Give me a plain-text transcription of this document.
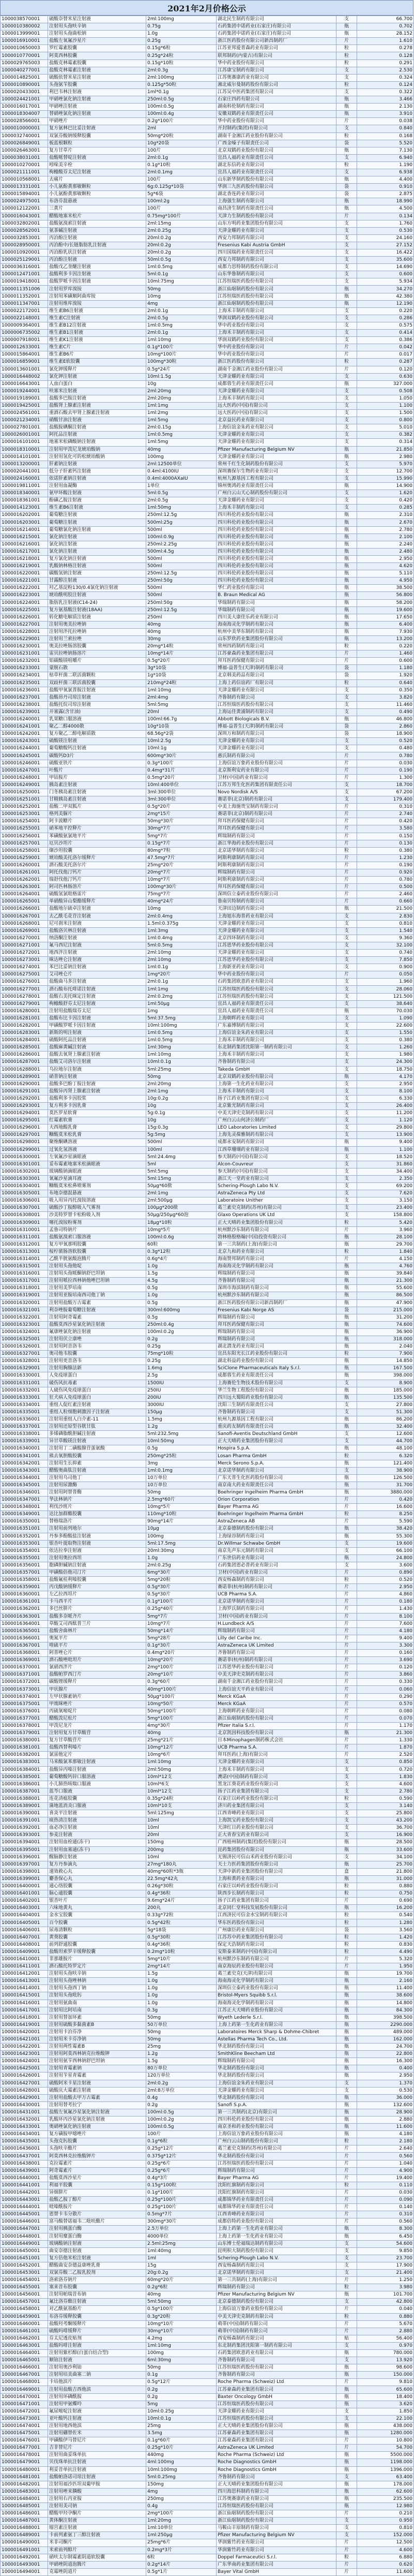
2021年2月价格公示
1000038570001	硫酸奈替米星注射液	2ml:100mg	湖北民生制药有限公司	支	66.700
1000010380002	注射用头孢呋辛钠	0.75g	石药集团中诺药业(石家庄)有限公司	瓶	0.702
1000013999001	注射用头孢曲松钠	1.0g	石药集团中诺药业(石家庄)有限公司	瓶	28.152
1000016910001	盐酸左氧氟沙星片	0.25g	浙江医药股份有限公司新昌制药厂	片	1.610
1000010650003	罗红霉素胶囊	0.15g*6粒	江苏亚邦爱普森药业有限公司	粒	0.278
1000010770001	阿莫西林胶囊	0.25g*24粒	联邦制药(内蒙古)有限公司	粒	0.128
1000029765003	盐酸克林霉素胶囊	0.15g*10粒	华中药业股份有限公司	粒	0.291
1000040277001	盐酸克林霉素注射液	2ml:0.3g	江苏康宝制药有限公司	支	2.530
1000014825001	硫酸依替米星注射液	2ml:100mg	江苏奥赛康药业有限公司	支	0.324
1000010890001	头孢氨苄胶囊	0.125g*50粒	湘北威尔曼制药股份有限公司	粒	0.124
1000020433001	利巴韦林注射液	1ml*0.1g	江苏吴中医药集团有限公司	支	0.322
1000024421001	甲硝唑氯化钠注射液	250ml:0.5g	石家庄四药有限公司	瓶	3.466
1000016017001	甲硝唑注射液	100ml:0.5g	湖南科伦制药有限公司	瓶	2.130
1000018304007	替硝唑氯化钠注射液	100ml:0.4g	安徽双鹤药业有限责任公司	瓶	3.910
1000028566001	甲硝唑片	0.2g*100片	华中药业股份有限公司	片	0.038
1000010000001	复方氨林巴比妥注射液	2ml	开封制药(集团)有限公司	支	0.840
1000032740001	双氯芬酸钠缓释胶囊	50mg*20粒	湖南千金湘江药业股份有限公司	粒	0.168
1000026849001	板蓝根颗粒	10g*20袋	广西金嗓子有限责任公司	袋	5.520
1000026463001	复方甘草片	100片	北京双鹤药业股份有限公司	瓶	7.130
1000038031001	盐酸哌替啶注射液	2ml:0.1g	宜昌人福药业有限责任公司	支	6.940
1000010270001	吲哚美辛栓	0.1g*10粒	湖北东信药业有限公司	粒	1.190
1000021111001	枸橼酸芬太尼注射液	2ml:0.1mg	宜昌人福药业有限责任公司	支	6.938
1000010568001	去痛片	100片	山东新华制药股份有限公司	瓶	4.400
1000013331001	小儿氨酚黄那敏颗粒	6g:0.125g*10袋	华润三九医药股份有限公司	袋	0.910
1000015894001	小儿氨酚黄那敏颗粒	5g*6袋	湖北香连药业有限公司	袋	2.875
1000024975001	布洛芬混悬液	100ml:2g	上海强生制药有限公司	瓶	18.990
1000012122001	三黄片	100片	南昌济生制药有限责任公司	瓶	4.500
1000016043001	醋酸地塞米松片	0.75mg*100片	天津力生制药股份有限公司	片	0.134
1000032802001	盐酸氨溴索注射液	2ml:15mg	山东方明药业集团股份有限公司	支	1.760
1000028562001	氨茶碱注射液	2ml:0.25g	天津金耀药业有限公司	支	0.530
1000032853001	丙泊酚注射液	20ml:0.2g	西安力邦制药有限公司	支	24.160
1000028950001	丙泊酚中/长链脂肪乳注射液	20ml:0.2g	Fresenius Kabi Austria GmbH	支	27.152
1000010920001	丙泊酚乳状注射液	20ml:0.2g	四川国瑞药业有限责任公司	支	16.422
1000025129001	丙泊酚注射液	50ml:0.5g	西安力邦制药有限公司	支	35.600
1000036316001	盐酸戊乙奎醚注射液	1ml:0.5mg	成都力思特制药股份有限公司	支	14.690
1000012471001	盐酸利多卡因注射液	5ml:0.1g	山东华鲁制药有限公司	支	0.600
1000019418001	盐酸罗哌卡因注射液	10ml:75mg	江苏恒瑞医药股份有限公司	支	5.934
1000011351006	注射用罗库溴铵	50mg	浙江仙琚制药股份有限公司	瓶	34.270
1000011352001	注射用苯磺顺阿曲库铵	10mg	江苏恒瑞医药股份有限公司	瓶	42.380
1000011347001	注射用维库溴铵	4mg	浙江仙琚制药股份有限公司	瓶	12.190
1000022172001	维生素B6注射液	2ml:0.1g	上海禾丰制药有限公司	支	0.220
1000022148001	维生素C注射液	2ml:0.5g	华润双鹤药业股份有限公司	支	0.286
1000009364001	维生素B12注射液	1ml:0.5mg	华中药业股份有限公司	支	0.575
1000006735002	维生素B1注射液	2ml:0.1g	上海禾丰制药有限公司	支	0.414
1000007918001	维生素K1注射液	1ml:10mg	华润双鹤药业股份有限公司	支	0.386
1000012633001	维生素C片	0.1g*100片	华中药业股份有限公司	片	0.042
1000015864001	维生素B6片	10mg*100片	华中药业股份有限公司	片	0.017
1000016859001	维生素E软胶囊	100mg*30粒	浙江医药股份有限公司	粒	0.287
1000013601001	氯化钾缓释片	0.5g*24片	湖南千金湘江药业股份有限公司	片	0.120
1000016448002	氯化钾注射液	10ml:1.5g	天津金耀药业有限公司	支	0.630
1000016643001	人血白蛋白	10g	成都蓉生药业有限责任公司	瓶	327.000
1000019244001	呋塞米注射液	2ml:20mg	天津金耀药业有限公司	支	0.508
1000019189001	盐酸多巴胺注射液	2ml:20mg	上海禾丰制药有限公司	支	1.050
1000019425001	盐酸肾上腺素注射液	1ml:1mg	远大医药(中国)有限公司	支	1.100
1000024561001	重酒石酸去甲肾上腺素注射液	1ml:2mg	远大医药(中国)有限公司	支	1.500
1000021234001	硝酸甘油注射液	1ml:5mg	北京益民药业有限公司	支	0.800
1000027801001	盐酸胺碘酮注射液	2ml:0.15g	上海信谊金朱药业有限公司	支	5.010
1000026001001	阿托品注射液	1ml:0.5mg	天津金耀药业有限公司	支	0.382
1000016101001	地塞米松磷酸钠注射液	1ml:5mg	天津金耀药业有限公司	支	0.314
1000018310001	注射用甲泼尼龙琥珀酸钠	40mg	Pfizer Manufacturing Belgium NV	瓶	21.850
1000014101001	注射用氢化可的松琥珀酸钠	100mg	天津金耀药业有限公司	瓶	2.980
1000013200001	肝素钠注射液	2ml:12500单位	常州千红生化制药股份有限公司	支	5.970
1000020441001	低分子肝素钙注射液	0.4ml:4100IU	深圳赛保尔生物药业有限公司	支	12.700
1000024160001	依诺肝素钠注射液	0.4ml:4000AXaIU	杭州九源基因工程有限公司	支	15.990
1000019811001	注射用血凝酶	1单位	锦州奥鸿药业有限责任公司	瓶	14.900
1000018340001	氨甲环酸注射液	5ml:0.5g	广州白云山天心制药股份有限公司	支	1.620
1000018361001	酚磺乙胺注射液	2ml:0.5g	天津金耀药业有限公司	支	0.420
1000014123001	维生素B6注射液	1ml:50mg	上海禾丰制药有限公司	支	0.285
1000016202001	葡萄糖注射液	250ml:12.5g	四川科伦药业股份有限公司	瓶	2.310
1000016203001	葡萄糖注射液	500ml:25g	四川科伦药业股份有限公司	瓶	2.670
1000016214001	葡萄糖氯化钠注射液	500ml	四川科伦药业股份有限公司	瓶	2.780
1000016215001	氯化钠注射液	100ml:0.9g	四川科伦药业股份有限公司	瓶	2.100
1000016216001	氯化钠注射液	250ml:2.25g	四川科伦药业股份有限公司	瓶	2.240
1000016217001	氯化钠注射液	500ml:4.5g	四川科伦药业股份有限公司	瓶	2.480
1000016218001	复方氯化钠注射液	500ml	四川科伦药业股份有限公司	瓶	2.950
1000016219001	乳酸钠林格注射液	500ml	四川科伦药业股份有限公司	瓶	4.620
1000016220001	碳酸氢钠注射液	250ml:12.5g	四川科伦药业股份有限公司	瓶	5.110
1000016221001	甘露醇注射液	250ml:50g	四川科伦药业股份有限公司	瓶	4.950
1000016222001	羟乙基淀粉130/0.4氯化钠注射液	500ml	华仁药业股份有限公司	瓶	38.500
1000016223001	琥珀酰明胶注射液	500ml	B. Braun Medical AG	瓶	56.800
1000016224001	脂肪乳注射液(C14-24)	250ml:50g	华瑞制药有限公司	瓶	58.200
1000016225001	复方氨基酸注射液(18AA)	250ml:12.5g	华瑞制药有限公司	瓶	19.600
1000016226001	转化糖电解质注射液	250ml	四川美大康佳乐药业有限公司	瓶	17.650
1000016227001	注射用奥美拉唑钠	40mg	海南海灵化学制药有限公司	瓶	6.400
1000016228001	注射用泮托拉唑钠	40mg	杭州中美华东制药有限公司	瓶	7.930
1000016229001	注射用兰索拉唑	30mg	山东罗欣药业集团股份有限公司	瓶	13.200
1000016230001	奥美拉唑肠溶胶囊	20mg*14粒	常州四药制药有限公司	粒	0.220
1000016231001	雷贝拉唑钠肠溶片	10mg*14片	江苏豪森药业集团有限公司	片	1.460
1000016232001	铝碳酸镁咀嚼片	0.5g*20片	拜耳医药保健有限公司	片	0.600
1000016233001	蒙脱石散	3g*10袋	博福-益普生(天津)制药有限公司	袋	1.180
1000016234001	枯草杆菌二联活菌颗粒	1g*10袋	北京韩美药品有限公司	袋	1.920
1000016235001	双歧杆菌三联活菌胶囊	210mg*24粒	上海上药信谊药厂有限公司	粒	0.640
1000016236001	盐酸甲氧氯普胺注射液	1ml:10mg	天津金耀药业有限公司	支	0.350
1000016237001	盐酸昂丹司琼注射液	2ml:4mg	齐鲁制药有限公司	支	3.820
1000016238001	盐酸托烷司琼注射液	5ml:5mg	江苏恒瑞医药股份有限公司	支	11.460
1000016239001	开塞露(含甘油)	20ml	上海运佳黄浦制药有限公司	支	0.490
1000016240001	乳果糖口服溶液	100ml:66.7g	Abbott Biologicals B.V.	瓶	46.800
1000016241001	聚乙二醇4000散	10g*10袋	博福-益普生(天津)制药有限公司	袋	2.860
1000016242001	复方聚乙二醇电解质散	68.56g*2袋	深圳万和制药有限公司	袋	18.900
1000016243001	硫酸镁注射液	10ml:2.5g	天津金耀药业有限公司	支	0.520
1000016244001	葡萄糖酸钙注射液	10ml:1g	天津金耀药业有限公司	支	0.480
1000016245001	碳酸钙D3片	600mg*30片	惠氏制药有限公司	片	0.780
1000016246001	硫酸亚铁片	0.3g*100片	上海信谊万象药业股份有限公司	片	0.030
1000016247001	叶酸片	0.4mg*31片	北京斯利安药业有限公司	片	0.190
1000016248001	甲钴胺片	0.5mg*20片	卫材(中国)药业有限公司	片	1.300
1000016249001	胰岛素注射液	10ml:400单位	江苏万邦生化医药集团有限责任公司	支	18.700
1000016250001	门冬胰岛素注射液	3ml:300单位	Novo Nordisk A/S	支	67.200
1000016251001	甘精胰岛素注射液	3ml:300单位	赛诺菲(北京)制药有限公司	支	179.400
1000016252001	盐酸二甲双胍片	0.5g*20片	中美上海施贵宝制药有限公司	片	0.310
1000016253001	格列美脲片	2mg*15片	赛诺菲(北京)制药有限公司	片	2.740
1000016254001	阿卡波糖片	50mg*30片	拜耳医药保健有限公司	片	0.420
1000016255001	硝苯地平控释片	30mg*7片	拜耳医药保健有限公司	片	3.580
1000016256001	苯磺酸氨氯地平片	5mg*7片	辉瑞制药有限公司	片	0.150
1000016257001	厄贝沙坦片	0.15g*7片	浙江华海药业股份有限公司	片	0.130
1000016258001	缬沙坦胶囊	80mg*7粒	北京诺华制药有限公司	粒	0.380
1000016259001	琥珀酸美托洛尔缓释片	47.5mg*7片	阿斯利康制药有限公司	片	1.230
1000016260001	酒石酸美托洛尔片	25mg*20片	阿斯利康制药有限公司	片	0.190
1000016261001	阿托伐他汀钙片	20mg*7片	辉瑞制药有限公司	片	0.920
1000016262001	瑞舒伐他汀钙片	10mg*7片	阿斯利康制药有限公司	片	0.780
1000016263001	阿司匹林肠溶片	100mg*30片	拜耳医药保健有限公司	片	0.500
1000016264001	硫酸氢氯吡格雷片	75mg*7片	深圳信立泰药业股份有限公司	片	2.460
1000016265001	单硝酸异山梨酯缓释片	40mg*24片	鲁南贝特制药有限公司	片	0.660
1000016266001	盐酸地尔硫卓注射液	10mg	天津田边制药有限公司	瓶	21.500
1000016267001	去乙酰毛花苷注射液	2ml:0.4mg	上海旭东海普药业有限公司	支	2.830
1000016268001	尼可刹米注射液	1.5ml:0.375g	天津金耀药业有限公司	支	0.810
1000016269001	盐酸洛贝林注射液	1ml:3mg	天津金耀药业有限公司	支	1.540
1000016270001	纳洛酮注射液	1ml:0.4mg	北京四环制药有限公司	支	9.360
1000016271001	氟马西尼注射液	5ml:0.5mg	江苏恩华药业股份有限公司	支	32.100
1000016272001	地西泮注射液	2ml:10mg	天津金耀药业有限公司	支	0.740
1000016273001	咪达唑仑注射液	2ml:10mg	江苏恩华药业股份有限公司	支	7.850
1000016274001	苯巴比妥钠注射液	1ml:0.1g	上海新亚药业有限公司	支	0.900
1000016275001	艾司唑仑片	1mg*20片	华中药业股份有限公司	片	0.050
1000016276001	盐酸曲马多注射液	2ml:0.1g	石药集团欧意药业有限公司	支	1.960
1000016277001	酒石酸布托啡诺注射液	1ml:1mg	江苏恒瑞医药股份有限公司	支	28.060
1000016278001	盐酸右美托咪定注射液	2ml:0.2mg	江苏恒瑞医药股份有限公司	支	121.500
1000016279001	枸橼酸舒芬太尼注射液	1ml:50μg	宜昌人福药业有限责任公司	支	38.640
1000016280001	注射用盐酸瑞芬太尼	1mg	宜昌人福药业有限责任公司	瓶	70.030
1000016281001	盐酸布比卡因注射液	5ml:37.5mg	上海朝晖药业有限公司	支	1.090
1000016282001	甲磺酸罗哌卡因注射液	10ml:100mg	广东嘉博制药有限公司	支	22.600
1000016283001	新斯的明注射液	1ml:0.5mg	上海信谊金朱药业有限公司	支	1.550
1000016284001	硫酸阿托品注射液	1ml:0.5mg	上海禾丰制药有限公司	支	0.380
1000016285001	盐酸麻黄碱注射液	1ml:30mg	东北制药集团沈阳第一制药有限公司	支	1.260
1000016286001	盐酸去氧肾上腺素注射液	1ml:10mg	上海禾丰制药有限公司	支	1.980
1000016287001	盐酸艾司洛尔注射液	10ml:0.1g	齐鲁制药有限公司	支	24.300
1000016288001	乌拉地尔注射液	5ml:25mg	Takeda GmbH	支	18.750
1000016289001	硝普钠注射液	50mg	北京双鹤药业股份有限公司	瓶	4.170
1000016290001	盐酸多巴酚丁胺注射液	2ml:20mg	上海第一生化药业有限公司	支	2.950
1000016291001	盐酸异丙肾上腺素注射液	2ml:1mg	上海禾丰制药有限公司	支	8.100
1000016292001	盐酸利多卡因胶浆	10g:0.2g	扬子江药业集团有限公司	支	6.330
1000016293001	复方利多卡因乳膏	10g	北京紫光制药有限公司	支	26.400
1000016294001	莫匹罗星软膏	5g:0.1g	中美天津史克制药有限公司	支	11.200
1000016295001	红霉素软膏	10g	广州白云山何济公制药厂	支	1.120
1000016296001	夫西地酸乳膏	15g:0.3g	LEO Laboratories Limited	支	29.800
1000016297001	糠酸莫米松乳膏	5g:5mg	上海先灵葆雅制药有限公司	支	13.900
1000016298001	聚维酮碘溶液	500ml	成都永安制药有限公司	瓶	9.400
1000016299001	过氧化氢溶液	100ml	江西草珊瑚药业有限公司	瓶	1.100
1000016300001	左氧氟沙星滴眼液	5ml:24.4mg	参天制药(中国)有限公司	支	18.520
1000016301001	妥布霉素地塞米松滴眼液	5ml	Alcon-Couvreur	支	31.860
1000016302001	玻璃酸钠滴眼液	5ml:5mg	参天制药(中国)有限公司	支	34.400
1000016303001	氧氟沙星滴耳液	5ml:15mg	浙江天一堂药业有限公司	支	2.350
1000016304001	糠酸莫米松鼻喷雾剂	50μg*60揿	Schering-Plough Labo N.V.	支	69.200
1000016305001	布地奈德混悬液	2ml:1mg	AstraZeneca Pty Ltd	支	7.620
1000016306001	吸入用异丙托溴铵溶液	2ml:500μg	Laboratoire Unither	支	3.150
1000016307001	硫酸沙丁胺醇吸入气雾剂	100μg*200揿	葛兰素史克制药(苏州)有限公司	支	23.400
1000016308001	沙美特罗替卡松粉吸入剂	50μg/250μg*60泡	Glaxo Operations UK Ltd	支	158.800
1000016309001	噻托溴铵粉雾剂	18μg*10粒	正大天晴药业集团股份有限公司	粒	5.420
1000016310001	孟鲁司特钠片	10mg*5片	杭州默沙东制药有限公司	片	3.960
1000016311001	盐酸氨溴索口服溶液	100ml:0.6g	勃林格殷格翰(中国)投资有限公司	瓶	28.100
1000016312001	复方甲氧那明胶囊	60粒	第一三共制药(上海)有限公司	瓶	29.700
1000016313001	桉柠蒎肠溶软胶囊	0.3g*12粒	北京九和药业有限公司	粒	1.840
1000016314001	乙酰半胱氨酸泡腾片	0.6g*4片	海南赞邦制药有限公司	片	4.150
1000016315001	注射用头孢他啶	1.0g	海南海灵化学制药有限公司	瓶	4.760
1000016316001	注射用头孢哌酮钠舒巴坦钠	1.5g	辉瑞制药有限公司	瓶	39.840
1000016317001	注射用哌拉西林钠他唑巴坦钠	4.5g	齐鲁制药有限公司	瓶	21.300
1000016318001	注射用美罗培南	0.5g	深圳市海滨制药有限公司	瓶	55.600
1000016319001	注射用亚胺培南西司他丁钠	1.0g	杭州默沙东制药有限公司	瓶	86.500
1000016320001	注射用盐酸万古霉素	0.5g	浙江医药股份有限公司新昌制药厂	瓶	47.900
1000016321001	利奈唑胺葡萄糖注射液	300ml:600mg	Fresenius Kabi Norge AS	袋	215.000
1000016322001	注射用阿奇霉素	0.5g	辉瑞制药有限公司	瓶	31.200
1000016323001	盐酸莫西沙星氯化钠注射液	250ml:0.4g	拜耳医药保健有限公司	瓶	74.600
1000016324001	氟康唑氯化钠注射液	100ml:0.2g	辉瑞制药有限公司	瓶	36.900
1000016325001	注射用伏立康唑	0.2g	辉瑞制药有限公司	瓶	318.000
1000016326001	注射用阿昔洛韦	0.25g	湖北潜龙药业有限公司	瓶	2.040
1000016327001	奥司他韦胶囊	75mg*10粒	宜昌东阳光长江药业股份有限公司	粒	7.900
1000016328001	注射用更昔洛韦	0.25g	湖北科益药业股份有限公司	瓶	14.850
1000016329001	注射用胸腺法新	1.6mg	SciClone Pharmaceuticals Italy S.r.l.	瓶	167.500
1000016330001	人免疫球蛋白	2.5g	成都蓉生药业有限责任公司	瓶	398.000
1000016331001	破伤风抗毒素	1500IU	上海赛伦生物技术股份有限公司	支	8.900
1000016332001	人破伤风免疫球蛋白	250IU	华兰生物工程股份有限公司	瓶	185.000
1000016333001	狂犬病人免疫球蛋白	200IU	四川远大蜀阳药业股份有限公司	瓶	135.500
1000016334001	重组人促红素注射液	3000IU	沈阳三生制药有限责任公司	支	27.800
1000016335001	重组人粒细胞刺激因子注射液	150μg	齐鲁制药有限公司	支	51.300
1000016336001	注射用重组人白介素-11	1.5mg	杭州九源基因工程有限公司	瓶	86.200
1000016337001	注射用还原型谷胱甘肽	1.2g	重庆药友制药有限责任公司	瓶	32.400
1000016338001	多烯磷脂酰胆碱注射液	5ml:232.5mg	Sanofi-Aventis Deutschland GmbH	支	12.600
1000016339001	异甘草酸镁注射液	10ml:50mg	正大天晴药业集团股份有限公司	支	44.700
1000016340001	注射用丁二磺酸腺苷蛋氨酸	0.5g	Hospira S.p.A.	瓶	48.100
1000016341001	熊去氧胆酸胶囊	250mg*25粒	Losan Pharma GmbH	粒	6.320
1000016342001	注射用生长抑素	3mg	Merck Serono S.p.A.	瓶	121.400
1000016343001	醋酸奥曲肽注射液	1ml:0.1mg	北京诺华制药有限公司	支	38.900
1000016344001	注射用乌司他丁	10万单位	广东天普生化医药股份有限公司	瓶	126.500
1000016345001	注射用尿激酶	10万单位	南京南大药业有限责任公司	瓶	31.700
1000016346001	注射用阿替普酶	50mg	Boehringer Ingelheim Pharma GmbH	瓶	3880.000
1000016347001	华法林钠片	2.5mg*60片	Orion Corporation	片	0.420
1000016348001	利伐沙班片	10mg*5片	Bayer Pharma AG	片	16.600
1000016349001	达比加群酯胶囊	110mg*10粒	Boehringer Ingelheim Pharma GmbH	粒	8.250
1000016350001	替格瑞洛片	90mg*14片	AstraZeneca AB	片	5.590
1000016351001	注射用前列地尔	10μg	北京泰德制药股份有限公司	瓶	38.420
1000016352001	丹参多酚酸盐注射液	100mg	上海绿谷制药有限公司	瓶	55.300
1000016353001	银杏叶提取物注射液	5ml:17.5mg	Dr.Willmar Schwabe GmbH	支	19.600
1000016354001	依达拉奉注射液	20ml:30mg	南京先声东元制药有限公司	支	66.100
1000016355001	注射用奥拉西坦	1.0g	广东世信药业有限公司	瓶	24.800
1000016356001	胞磷胆碱钠注射液	2ml:0.25g	石药集团恩必普药业有限公司	支	3.600
1000016357001	甲磺酸倍他司汀片	6mg*30片	卫材(中国)药业有限公司	片	0.890
1000016358001	盐酸氟桂利嗪胶囊	5mg*20粒	西安杨森制药有限公司	粒	0.520
1000016359001	丙戊酸钠缓释片	0.5g*30片	赛诺菲(杭州)制药有限公司	片	2.950
1000016360001	左乙拉西坦片	0.5g*30片	UCB Pharma S.A.	片	4.860
1000016361001	卡马西平片	0.1g*100片	北京诺华制药有限公司	片	0.180
1000016362001	多巴丝肼片	0.25g*40片	上海罗氏制药有限公司	片	1.430
1000016363001	盐酸多奈哌齐片	5mg*7片	卫材(中国)药业有限公司	片	8.100
1000016364001	草酸艾司西酞普兰片	10mg*7片	H.Lundbeck A/S	片	7.600
1000016365001	盐酸舍曲林片	50mg*14片	辉瑞制药有限公司	片	4.180
1000016366001	奥氮平片	5mg*28片	Lilly del Caribe Inc.	片	9.400
1000016367001	喹硫平片	0.1g*30片	AstraZeneca UK Limited	片	3.300
1000016368001	阿普唑仑片	0.4mg*20片	齐鲁制药有限公司	片	0.160
1000016369001	酒石酸唑吡坦片	10mg*20片	赛诺菲(杭州)制药有限公司	片	3.690
1000016370001	氯硝西泮片	2mg*100片	江苏恩华药业股份有限公司	片	0.120
1000016371001	盐酸帕罗西汀片	20mg*10片	中美天津史克制药有限公司	片	3.860
1000016372001	碳酸锂缓释片	0.3g*60片	湖南千金湘江药业股份有限公司	片	0.330
1000016373001	甲状腺片	40mg*100片	上海信谊天平药业有限公司	片	0.060
1000016374001	左甲状腺素钠片	50μg*100片	Merck KGaA	片	0.290
1000016375001	甲巯咪唑片	10mg*50片	Merck KGaA	片	0.570
1000016376001	丙硫氧嘧啶片	50mg*100片	上海朝晖药业有限公司	片	0.080
1000016377001	醋酸泼尼松片	5mg*100片	浙江仙琚制药股份有限公司	片	0.070
1000016378001	甲泼尼龙片	4mg*30片	Pfizer Italia S.r.l.	片	1.170
1000016379001	注射用复方甘草酸苷	40mg	北京凯因科技股份有限公司	瓶	21.300
1000016380001	复方甘草酸苷片	25mg*21片	日本Minophagen制药株式会社	片	1.330
1000016381001	盐酸西替利嗪片	10mg*12片	UCB Pharma S.A.	片	1.870
1000016382001	氯雷他定片	10mg*6片	拜耳医药(上海)有限公司	片	2.520
1000016383001	马来酸氯苯那敏注射液	1ml:10mg	天津金耀药业有限公司	支	0.850
1000016384001	盐酸异丙嗪注射液	2ml:50mg	上海禾丰制药有限公司	支	0.720
1000016385001	葡萄糖酸钙锌口服溶液	10ml*12支	澳诺(中国)制药有限公司	支	1.830
1000016386001	小儿肺热咳喘口服液	10ml*6支	黑龙江葵花药业股份有限公司	支	4.600
1000016387001	蓝芩口服液	10ml*12支	扬子江药业集团有限公司	支	2.780
1000016388001	连花清瘟胶囊	0.35g*24粒	石家庄以岭药业股份有限公司	粒	0.590
1000016389001	蒲地蓝消炎口服液	10ml*10支	济川药业集团有限公司	支	3.140
1000016390001	喜炎平注射液	5ml:125mg	江西青峰药业有限公司	支	25.800
1000016391001	痰热清注射液	10ml	上海凯宝药业股份有限公司	支	43.200
1000016392001	血必净注射液	10ml	天津红日药业股份有限公司	支	36.700
1000016393001	参麦注射液	20ml	正大青春宝药业有限公司	支	16.900
1000016394001	注射用血栓通(冻干)	150mg	广西梧州制药(集团)股份有限公司	瓶	28.500
1000016395001	注射用血塞通(冻干)	200mg	昆药集团股份有限公司	瓶	33.600
1000016396001	醒脑静注射液	10ml	无锡济民可信山禾药业股份有限公司	支	34.100
1000016397001	复方丹参滴丸	27mg*180丸	天士力医药集团股份有限公司	瓶	25.700
1000016398001	速效救心丸	40mg*60粒*3瓶	天津中新药业集团股份有限公司	盒	21.800
1000016399001	麝香保心丸	22.5mg*42丸	上海和黄药业有限公司	瓶	31.000
1000016400001	通心络胶囊	0.26g*30粒	石家庄以岭药业股份有限公司	粒	0.880
1000016401001	脑心通胶囊	0.4g*36粒	陕西步长制药有限公司	粒	0.750
1000016402001	银杏叶片	9.6mg*24片	扬子江药业集团有限公司	片	0.690
1000016403001	六味地黄丸	200丸	北京同仁堂科技发展股份有限公司	瓶	16.200
1000016404001	金水宝胶囊	0.33g*72粒	江西济民可信金水宝制药有限公司	粒	0.540
1000016405001	百令胶囊	0.5g*42粒	华东医药股份有限公司	粒	1.280
1000016406001	尿毒清颗粒	5g*18袋	广州康臣药业有限公司	袋	3.560
1000016407001	黄葵胶囊	0.5g*30粒	江苏苏中药业集团股份有限公司	粒	1.420
1000016408001	前列舒通胶囊	0.4g*36粒	保定天浩制药有限公司	粒	0.830
1000016409001	盐酸坦索罗辛缓释胶囊	0.2mg*10粒	安斯泰来制药(中国)有限公司	粒	4.490
1000016410001	非那雄胺片	5mg*10片	杭州默沙东制药有限公司	片	5.320
1000016411001	酒石酸托特罗定片	2mg*14片	南京海辰药业股份有限公司	片	1.950
1000016412001	注射用头孢呋辛钠	1.5g	葛兰素史克(天津)有限公司	瓶	19.700
1000016413001	注射用头孢唑林钠	1.0g	海南海灵化学制药有限公司	瓶	2.160
1000016414001	注射用头孢西丁钠	1.0g	深圳信立泰药业股份有限公司	瓶	11.400
1000016415001	注射用头孢吡肟	1.0g	Bristol-Myers Squibb S.r.l.	瓶	38.600
1000016416001	注射用氨曲南	1.0g	海南海灵化学制药有限公司	瓶	14.800
1000016417001	注射用比阿培南	0.3g	江苏正大天晴药业股份有限公司	瓶	84.300
1000016418001	注射用替加环素	50mg	Wyeth Lederle S.r.l.	瓶	398.500
1000016419001	注射用硫酸多黏菌素B	50万单位	上海上药第一生化药业有限公司	瓶	2290.000
1000016420001	注射用卡泊芬净	50mg	Laboratoires Merck Sharp & Dohme-Chibret	瓶	489.000
1000016421001	注射用米卡芬净钠	50mg	Astellas Pharma Tech Co., Ltd.	瓶	162.000
1000016422001	注射用两性霉素B	25mg	华北制药股份有限公司	瓶	24.700
1000016423001	注射用阿莫西林钠克拉维酸钾	1.2g	SmithKline Beecham Ltd	瓶	22.800
1000016424001	注射用氨苄西林钠舒巴坦钠	1.5g	辉瑞制药有限公司	瓶	16.300
1000016425001	注射用青霉素钠	80万单位	华北制药股份有限公司	瓶	0.400
1000016426001	注射用苄星青霉素	120万单位	华北制药股份有限公司	瓶	2.950
1000016427001	硫酸阿米卡星注射液	2ml:0.2g	上海信谊金朱药业有限公司	支	1.370
1000016428001	硫酸庆大霉素注射液	2ml:8万单位	天津金耀药业有限公司	支	0.530
1000016429001	注射用盐酸去甲万古霉素	0.4g	华北制药股份有限公司	瓶	36.000
1000016430001	注射用替考拉宁	0.2g	Sanofi S.p.A.	瓶	132.600
1000016431001	盐酸左氧氟沙星氯化钠注射液	100ml:0.5g	第一三共制药(北京)有限公司	瓶	28.900
1000016432001	乳酸环丙沙星氯化钠注射液	100ml:0.2g	四川科伦药业股份有限公司	瓶	2.880
1000016433001	奥硝唑氯化钠注射液	100ml:0.5g	南京圣和药业股份有限公司	瓶	11.600
1000016434001	复方磺胺甲噁唑片	100片	上海信谊万象药业股份有限公司	瓶	4.180
1000016435001	头孢克肟胶囊	0.1g*6粒	广州白云山制药股份有限公司	粒	2.180
1000016436001	头孢呋辛酯片	0.25g*12片	葛兰素史克制药(苏州)有限公司	片	2.640
1000016437001	阿莫西林克拉维酸钾片	0.375g*12片	华北制药股份有限公司	片	0.560
1000016438001	克拉霉素片	0.25g*6片	江苏恒瑞医药股份有限公司	片	1.040
1000016439001	阿奇霉素片	0.25g*6片	辉瑞制药有限公司	片	4.900
1000016440001	盐酸莫西沙星片	0.4g*3片	Bayer Pharma AG	片	19.400
1000016441001	利福平胶囊	0.15g*100粒	沈阳红旗制药有限公司	粒	0.110
1000016442001	异烟肼片	0.1g*100片	沈阳红旗制药有限公司	片	0.030
1000016443001	盐酸乙胺丁醇片	0.25g*100片	成都锦华药业有限责任公司	片	0.090
1000016444001	吡嗪酰胺片	0.25g*100片	成都锦华药业有限责任公司	片	0.140
1000016445001	恩替卡韦分散片	0.5mg*7片	江西青峰药业有限公司	片	0.310
1000016446001	富马酸替诺福韦二吡呋酯片	300mg*30片	成都倍特药业股份有限公司	片	0.560
1000016447001	注射用胰蛋白酶	2.5万单位	上海上药第一生化药业有限公司	瓶	8.300
1000016448001	注射用糜蛋白酶	4000单位	上海上药第一生化药业有限公司	瓶	6.450
1000016449001	玻璃酸钠注射液	2.5ml:25mg	山东博士伦福瑞达制药有限公司	支	54.600
1000016450001	曲安奈德注射液	1ml:40mg	昆明积大制药股份有限公司	支	9.850
1000016451001	复方倍他米松注射液	1ml	Schering-Plough Labo N.V.	支	23.700
1000016452001	醋酸曲安奈德益康唑乳膏	15g	西安杨森制药有限公司	支	17.900
1000016453001	双氯芬酸二乙胺乳胶剂	20g:0.2g	北京诺华制药有限公司	支	21.400
1000016454001	洛索洛芬钠片	60mg*20片	第一三共制药(上海)有限公司	片	1.250
1000016455001	塞来昔布胶囊	0.2g*6粒	辉瑞制药有限公司	粒	3.980
1000016456001	注射用帕瑞昔布钠	40mg	Pfizer Manufacturing Belgium NV	瓶	101.700
1000016457001	氟比洛芬酯注射液	5ml:50mg	北京泰德制药股份有限公司	支	42.800
1000016458001	对乙酰氨基酚片	0.5g*100片	上海信谊万象药业股份有限公司	片	0.040
1000016459001	布洛芬缓释胶囊	0.3g*20粒	中美天津史克制药有限公司	粒	0.880
1000016460001	盐酸羟考酮缓释片	10mg*10片	萌蒂(中国)制药有限公司	片	5.670
1000016461001	硫酸吗啡缓释片	30mg*10片	萌蒂(中国)制药有限公司	片	2.880
1000016462001	芬太尼透皮贴剂	4.2mg	西安杨森制药有限公司	贴	56.400
1000016463001	盐酸吗啡注射液	1ml:10mg	东北制药集团沈阳第一制药有限公司	支	0.970
1000016464001	注射用紫杉醇(白蛋白结合型)	100mg	石药集团欧意药业有限公司	瓶	780.000
1000016465001	顺铂注射液	6ml:30mg	齐鲁制药有限公司	支	13.920
1000016466001	注射用奥沙利铂	50mg	江苏恒瑞医药股份有限公司	瓶	98.600
1000016467001	注射用培美曲塞二钠	0.1g	齐鲁制药有限公司	瓶	150.000
1000016468001	卡培他滨片	0.5g*12片	Roche Pharma (Schweiz) Ltd	片	9.810
1000016469001	注射用盐酸吉西他滨	0.2g	江苏豪森药业集团有限公司	瓶	65.600
1000016470001	注射用环磷酰胺	0.2g	Baxter Oncology GmbH	瓶	18.400
1000016471001	注射用甲氨蝶呤	5mg	江苏恒瑞医药股份有限公司	瓶	3.620
1000016472001	氟尿嘧啶注射液	10ml:0.25g	天津金耀药业有限公司	支	1.850
1000016473001	亚叶酸钙注射液	10ml:0.1g	江苏恒瑞医药股份有限公司	支	22.100
1000016474001	注射用地西他滨	25mg	正大天晴药业集团股份有限公司	瓶	438.000
1000016475001	注射用硼替佐米	3.5mg	江苏豪森药业集团有限公司	瓶	1280.000
1000016476001	甲磺酸伊马替尼片	0.1g*60片	江苏豪森药业集团有限公司	片	10.800
1000016477001	吉非替尼片	0.25g*10片	AstraZeneca UK Limited	片	54.700
1000016478001	注射用曲妥珠单抗	440mg	Roche Pharma (Schweiz) Ltd	瓶	5500.000
1000016479001	贝伐珠单抗注射液	4ml:100mg	Roche Diagnostics GmbH	瓶	1198.000
1000016480001	利妥昔单抗注射液	10ml:100mg	Roche Diagnostics GmbH	瓶	1396.000
1000016481001	盐酸帕洛诺司琼注射液	5ml:0.25mg	齐鲁制药有限公司	支	63.400
1000016482001	注射用福沙匹坦双葡甲胺	150mg	正大天晴药业集团股份有限公司	瓶	178.000
1000016483001	注射用唑来膦酸	4mg	四川海思科制药有限公司	瓶	62.600
1000016484001	注射用右丙亚胺	250mg	江苏奥赛康药业有限公司	瓶	235.500
1000016485001	注射用美司钠	0.4g	江苏恒瑞医药股份有限公司	瓶	12.980
1000016486001	醋酸甲羟孕酮片	2mg*100片	浙江仙琚制药股份有限公司	片	0.210
1000016487001	黄体酮注射液	1ml:20mg	浙江仙琚制药股份有限公司	支	0.950
1000016488001	缩宫素注射液	1ml:10单位	马鞍山丰原制药有限公司	支	0.810
1000016489001	卡前列素氨丁三醇注射液	1ml:250μg	Pfizer Manufacturing Belgium NV	支	152.000
1000016490001	米非司酮片	25mg*6片	华润紫竹药业有限公司	片	12.500
1000016491001	米索前列醇片	0.2mg*3片	华润紫竹药业有限公司	片	4.600
1000016492001	硝呋太尔制霉素阴道软胶囊	6粒	Doppel Farmaceutici S.r.l.	粒	6.880
1000016493001	甲硝唑阴道泡腾片	0.2g*14片	广东华南药业集团有限公司	片	0.620
1000016494001	克霉唑阴道片	0.5g*1片	Bayer Vital GmbH	片	11.600
